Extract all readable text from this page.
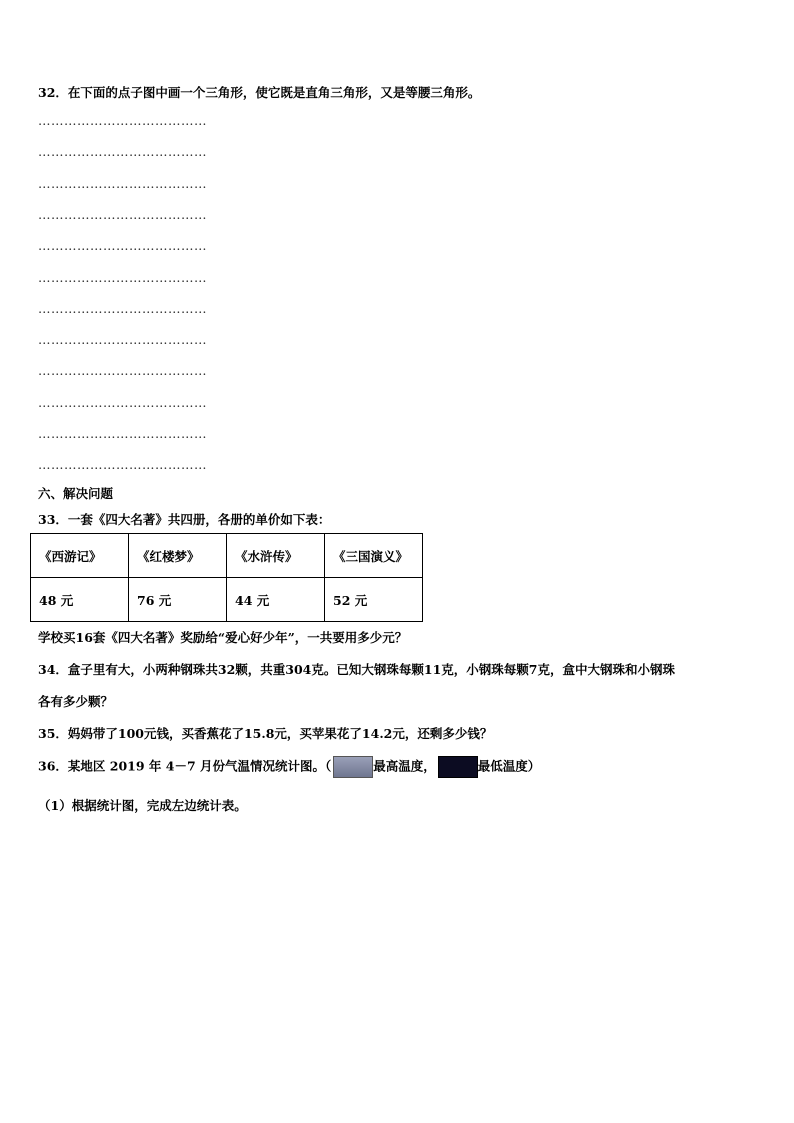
32．在下面的点子图中画一个三角形，使它既是直角三角形，又是等腰三角形。
…………………………………
…………………………………
…………………………………
…………………………………
…………………………………
…………………………………
…………………………………
…………………………………
…………………………………
…………………………………
…………………………………
…………………………………
六、解决问题
33．一套《四大名著》共四册，各册的单价如下表：
《西游记》	《红楼梦》	《水浒传》	《三国演义》
48 元	76 元	44 元	52 元
学校买16套《四大名著》奖励给“爱心好少年”，一共要用多少元？
34．盒子里有大，小两种钢珠共32颗，共重304克。已知大钢珠每颗11克，小钢珠每颗7克，盒中大钢珠和小钢珠
各有多少颗？
35．妈妈带了100元钱，买香蕉花了15.8元，买苹果花了14.2元，还剩多少钱？
36．某地区 2019 年 4－7 月份气温情况统计图。（	最高温度，	最低温度）
（1）根据统计图，完成左边统计表。
